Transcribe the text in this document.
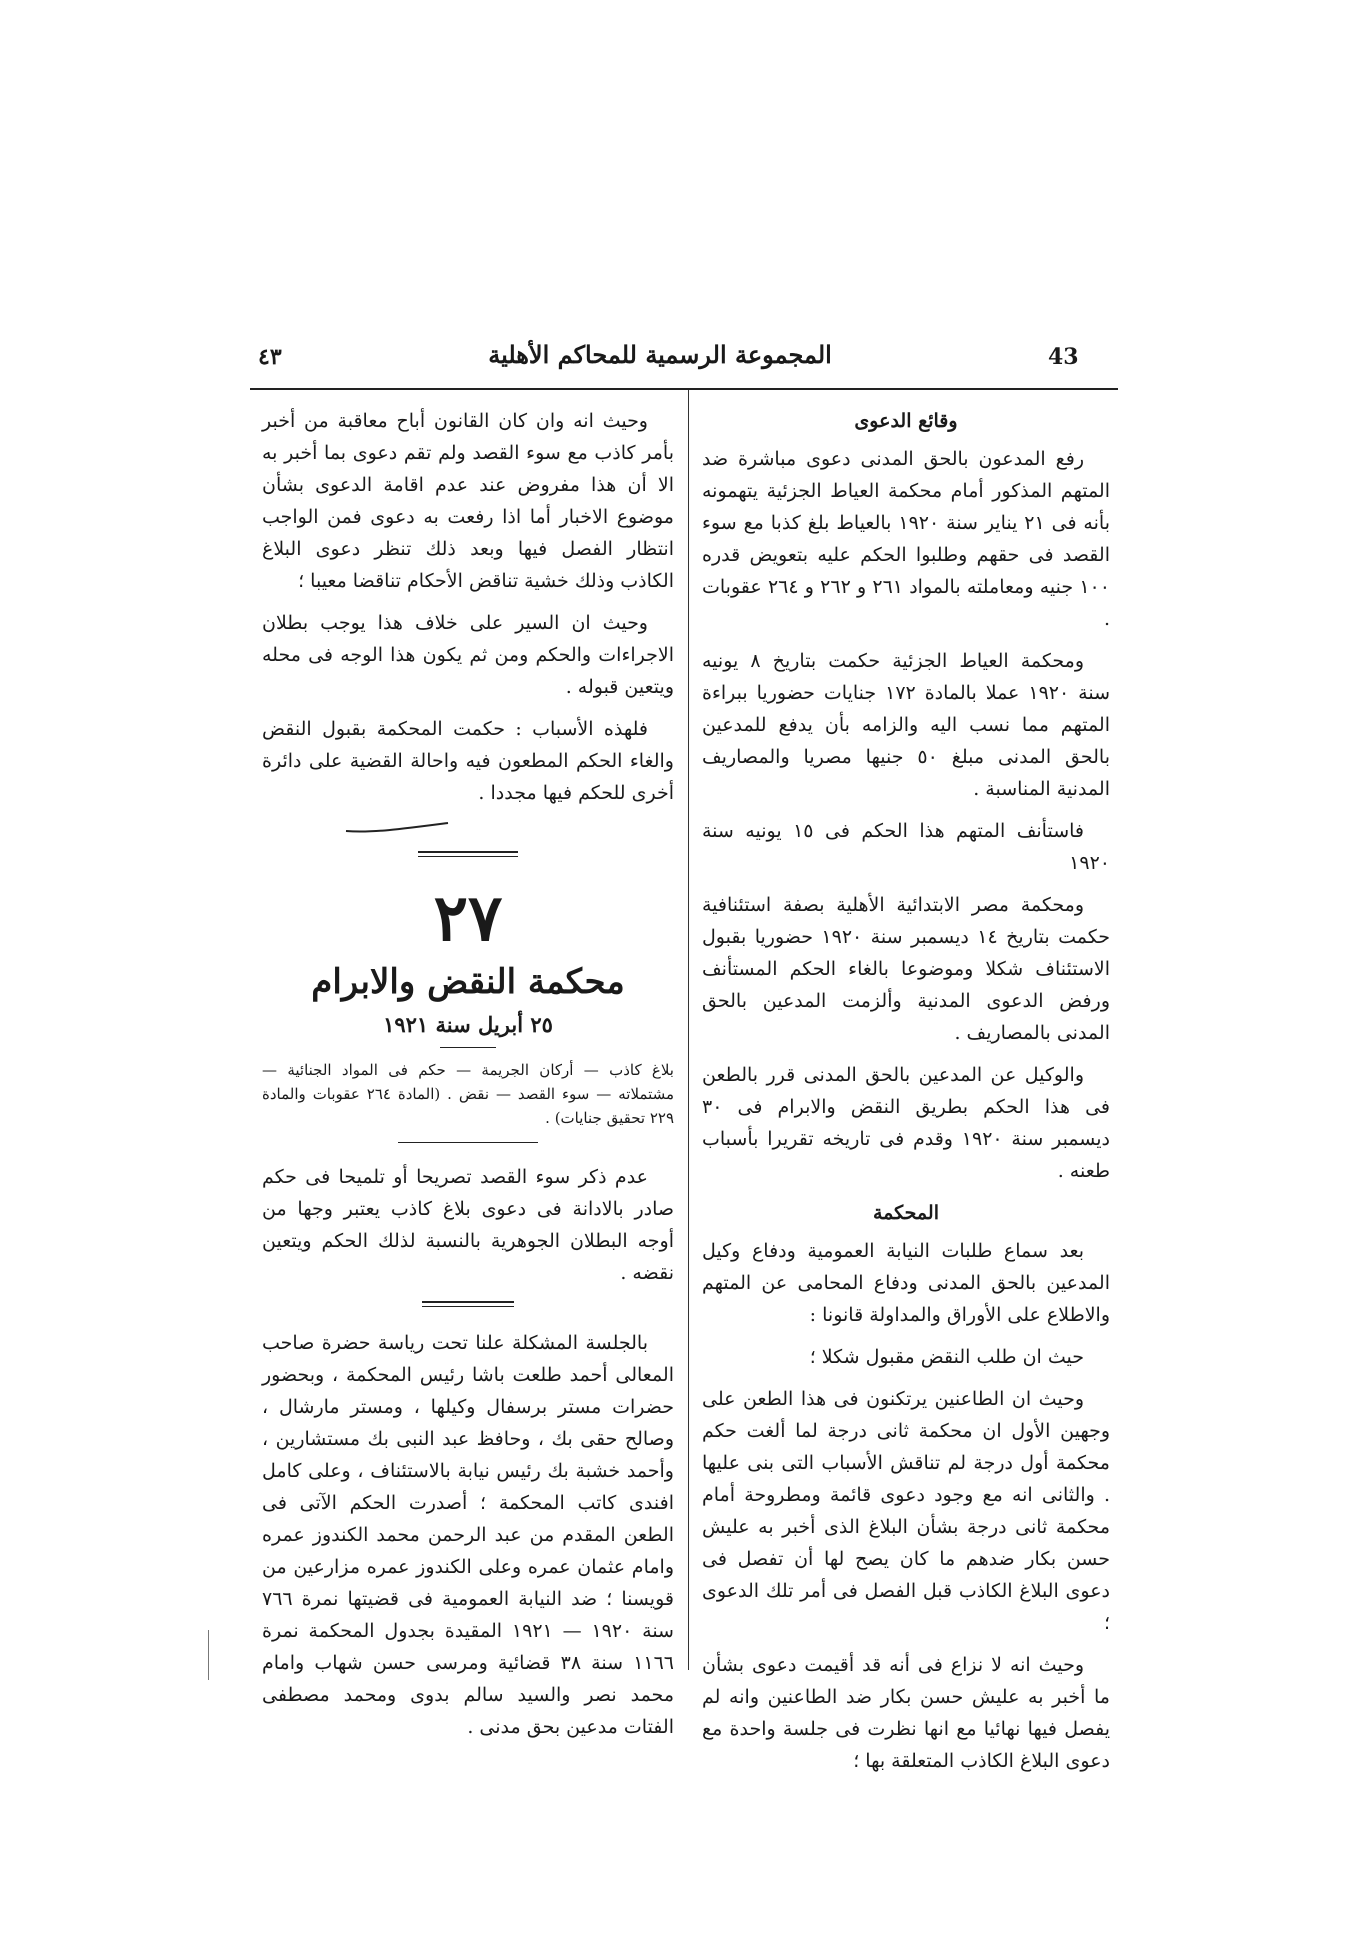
43
المجموعة الرسمية للمحاكم الأهلية
٤٣

وقائع الدعوى

رفع المدعون بالحق المدنى دعوى مباشرة ضد المتهم المذكور أمام محكمة العياط الجزئية يتهمونه بأنه فى ٢١ يناير سنة ١٩٢٠ بالعياط بلغ كذبا مع سوء القصد فى حقهم وطلبوا الحكم عليه بتعويض قدره ١٠٠ جنيه ومعاملته بالمواد ٢٦١ و ٢٦٢ و ٢٦٤ عقوبات .

ومحكمة العياط الجزئية حكمت بتاريخ ٨ يونيه سنة ١٩٢٠ عملا بالمادة ١٧٢ جنايات حضوريا ببراءة المتهم مما نسب اليه والزامه بأن يدفع للمدعين بالحق المدنى مبلغ ٥٠ جنيها مصريا والمصاريف المدنية المناسبة .

فاستأنف المتهم هذا الحكم فى ١٥ يونيه سنة ١٩٢٠

ومحكمة مصر الابتدائية الأهلية بصفة استئنافية حكمت بتاريخ ١٤ ديسمبر سنة ١٩٢٠ حضوريا بقبول الاستئناف شكلا وموضوعا بالغاء الحكم المستأنف ورفض الدعوى المدنية وألزمت المدعين بالحق المدنى بالمصاريف .

والوكيل عن المدعين بالحق المدنى قرر بالطعن فى هذا الحكم بطريق النقض والابرام فى ٣٠ ديسمبر سنة ١٩٢٠ وقدم فى تاريخه تقريرا بأسباب طعنه .

المحكمة

بعد سماع طلبات النيابة العمومية ودفاع وكيل المدعين بالحق المدنى ودفاع المحامى عن المتهم والاطلاع على الأوراق والمداولة قانونا :

حيث ان طلب النقض مقبول شكلا ؛

وحيث ان الطاعنين يرتكنون فى هذا الطعن على وجهين الأول ان محكمة ثانى درجة لما ألغت حكم محكمة أول درجة لم تناقش الأسباب التى بنى عليها . والثانى انه مع وجود دعوى قائمة ومطروحة أمام محكمة ثانى درجة بشأن البلاغ الذى أخبر به عليش حسن بكار ضدهم ما كان يصح لها أن تفصل فى دعوى البلاغ الكاذب قبل الفصل فى أمر تلك الدعوى ؛

وحيث انه لا نزاع فى أنه قد أقيمت دعوى بشأن ما أخبر به عليش حسن بكار ضد الطاعنين وانه لم يفصل فيها نهائيا مع انها نظرت فى جلسة واحدة مع دعوى البلاغ الكاذب المتعلقة بها ؛

وحيث انه وان كان القانون أباح معاقبة من أخبر بأمر كاذب مع سوء القصد ولم تقم دعوى بما أخبر به الا أن هذا مفروض عند عدم اقامة الدعوى بشأن موضوع الاخبار أما اذا رفعت به دعوى فمن الواجب انتظار الفصل فيها وبعد ذلك تنظر دعوى البلاغ الكاذب وذلك خشية تناقض الأحكام تناقضا معيبا ؛

وحيث ان السير على خلاف هذا يوجب بطلان الاجراءات والحكم ومن ثم يكون هذا الوجه فى محله ويتعين قبوله .

فلهذه الأسباب : حكمت المحكمة بقبول النقض والغاء الحكم المطعون فيه واحالة القضية على دائرة أخرى للحكم فيها مجددا .

٢٧
محكمة النقض والابرام
٢٥ أبريل سنة ١٩٢١

بلاغ كاذب — أركان الجريمة — حكم فى المواد الجنائية — مشتملاته — سوء القصد — نقض . (المادة ٢٦٤ عقوبات والمادة ٢٢٩ تحقيق جنايات) .

عدم ذكر سوء القصد تصريحا أو تلميحا فى حكم صادر بالادانة فى دعوى بلاغ كاذب يعتبر وجها من أوجه البطلان الجوهرية بالنسبة لذلك الحكم ويتعين نقضه .

بالجلسة المشكلة علنا تحت رياسة حضرة صاحب المعالى أحمد طلعت باشا رئيس المحكمة ، وبحضور حضرات مستر برسفال وكيلها ، ومستر مارشال ، وصالح حقى بك ، وحافظ عبد النبى بك مستشارين ، وأحمد خشبة بك رئيس نيابة بالاستئناف ، وعلى كامل افندى كاتب المحكمة ؛ أصدرت الحكم الآتى فى الطعن المقدم من عبد الرحمن محمد الكندوز عمره وامام عثمان عمره وعلى الكندوز عمره مزارعين من قويسنا ؛ ضد النيابة العمومية فى قضيتها نمرة ٧٦٦ سنة ١٩٢٠ — ١٩٢١ المقيدة بجدول المحكمة نمرة ١١٦٦ سنة ٣٨ قضائية ومرسى حسن شهاب وامام محمد نصر والسيد سالم بدوى ومحمد مصطفى الفتات مدعين بحق مدنى .
